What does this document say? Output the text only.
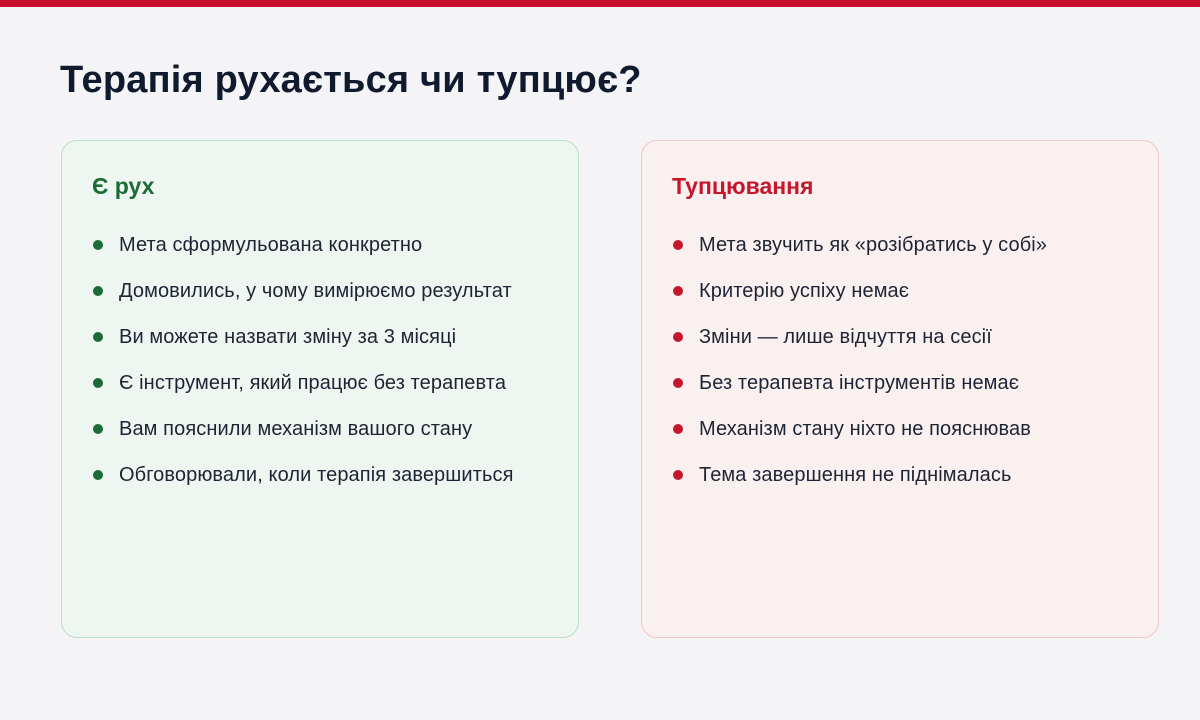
Терапія рухається чи тупцює?
Є рух
Мета сформульована конкретно
Домовились, у чому вимірюємо результат
Ви можете назвати зміну за 3 місяці
Є інструмент, який працює без терапевта
Вам пояснили механізм вашого стану
Обговорювали, коли терапія завершиться
Тупцювання
Мета звучить як «розібратись у собі»
Критерію успіху немає
Зміни — лише відчуття на сесії
Без терапевта інструментів немає
Механізм стану ніхто не пояснював
Тема завершення не піднімалась
